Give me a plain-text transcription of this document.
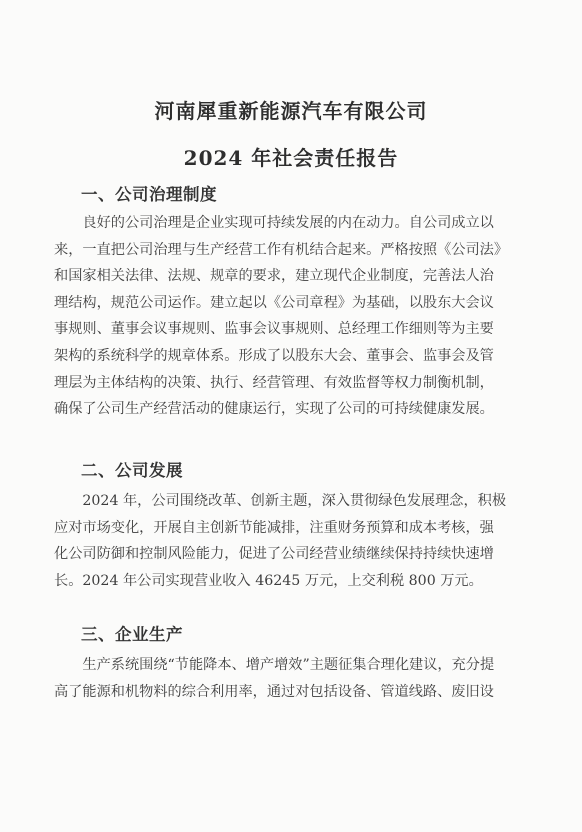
河南犀重新能源汽车有限公司
2024 年社会责任报告
一、公司治理制度
　　良好的公司治理是企业实现可持续发展的内在动力。自公司成立以
来，一直把公司治理与生产经营工作有机结合起来。严格按照《公司法》
和国家相关法律、法规、规章的要求，建立现代企业制度，完善法人治
理结构，规范公司运作。建立起以《公司章程》为基础，以股东大会议
事规则、董事会议事规则、监事会议事规则、总经理工作细则等为主要
架构的系统科学的规章体系。形成了以股东大会、董事会、监事会及管
理层为主体结构的决策、执行、经营管理、有效监督等权力制衡机制，
确保了公司生产经营活动的健康运行，实现了公司的可持续健康发展。
二、公司发展
　　2024 年，公司围绕改革、创新主题，深入贯彻绿色发展理念，积极
应对市场变化，开展自主创新节能减排，注重财务预算和成本考核，强
化公司防御和控制风险能力，促进了公司经营业绩继续保持持续快速增
长。2024 年公司实现营业收入 46245 万元，上交利税 800 万元。
三、企业生产
　　生产系统围绕“节能降本、增产增效”主题征集合理化建议，充分提
高了能源和机物料的综合利用率，通过对包括设备、管道线路、废旧设
